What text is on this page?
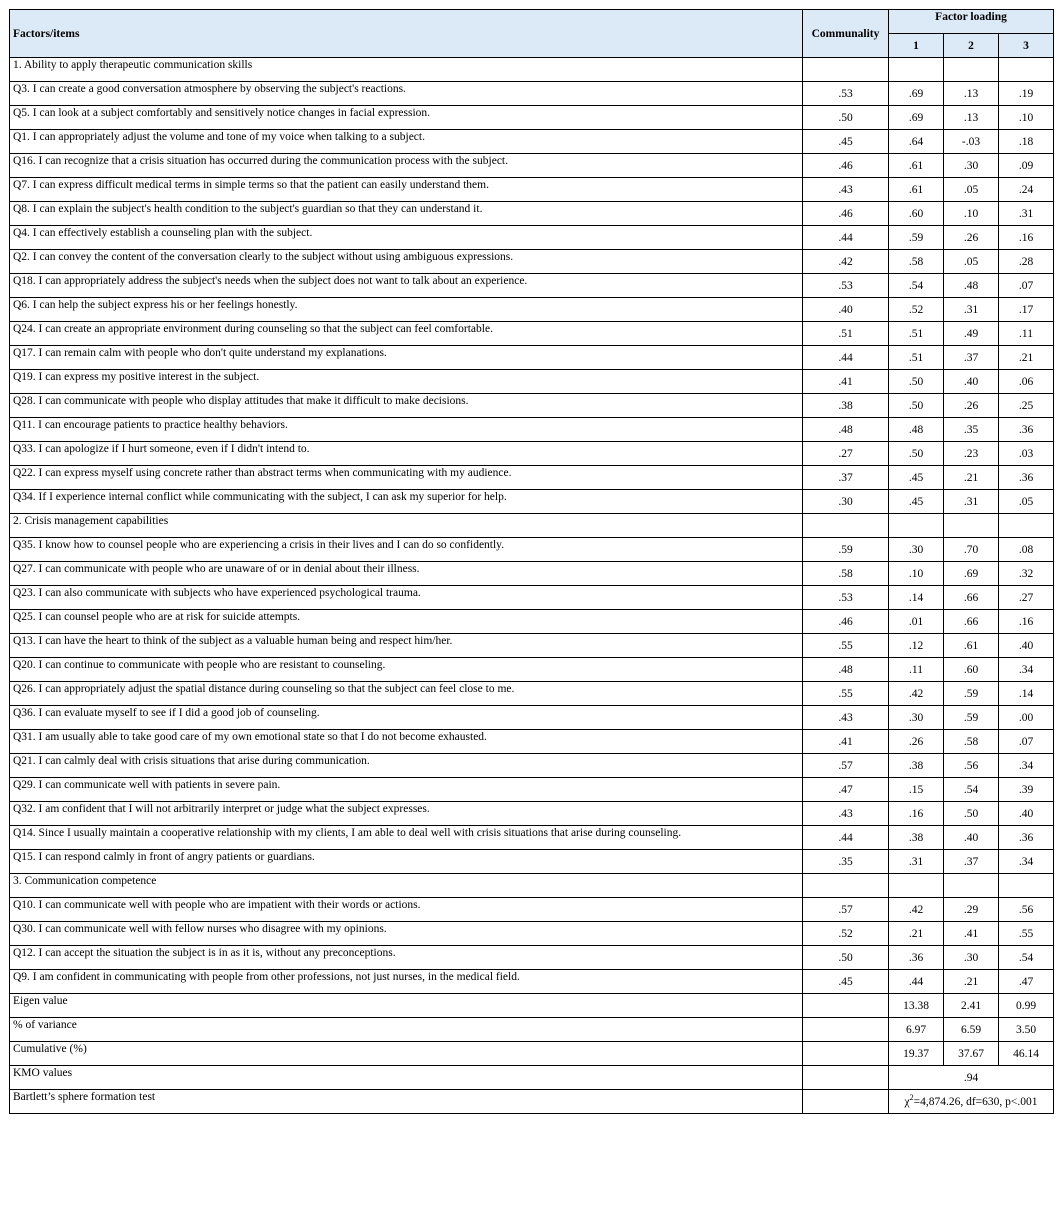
Factors/items	Communality	Factor loading		
		1	2	3
1. Ability to apply therapeutic communication skills				
Q3. I can create a good conversation atmosphere by observing the subject's reactions.	.53	.69	.13	.19
Q5. I can look at a subject comfortably and sensitively notice changes in facial expression.	.50	.69	.13	.10
Q1. I can appropriately adjust the volume and tone of my voice when talking to a subject.	.45	.64	-.03	.18
Q16. I can recognize that a crisis situation has occurred during the communication process with the subject.	.46	.61	.30	.09
Q7. I can express difficult medical terms in simple terms so that the patient can easily understand them.	.43	.61	.05	.24
Q8. I can explain the subject's health condition to the subject's guardian so that they can understand it.	.46	.60	.10	.31
Q4. I can effectively establish a counseling plan with the subject.	.44	.59	.26	.16
Q2. I can convey the content of the conversation clearly to the subject without using ambiguous expressions.	.42	.58	.05	.28
Q18. I can appropriately address the subject's needs when the subject does not want to talk about an experience.	.53	.54	.48	.07
Q6. I can help the subject express his or her feelings honestly.	.40	.52	.31	.17
Q24. I can create an appropriate environment during counseling so that the subject can feel comfortable.	.51	.51	.49	.11
Q17. I can remain calm with people who don't quite understand my explanations.	.44	.51	.37	.21
Q19. I can express my positive interest in the subject.	.41	.50	.40	.06
Q28. I can communicate with people who display attitudes that make it difficult to make decisions.	.38	.50	.26	.25
Q11. I can encourage patients to practice healthy behaviors.	.48	.48	.35	.36
Q33. I can apologize if I hurt someone, even if I didn't intend to.	.27	.50	.23	.03
Q22. I can express myself using concrete rather than abstract terms when communicating with my audience.	.37	.45	.21	.36
Q34. If I experience internal conflict while communicating with the subject, I can ask my superior for help.	.30	.45	.31	.05
2. Crisis management capabilities				
Q35. I know how to counsel people who are experiencing a crisis in their lives and I can do so confidently.	.59	.30	.70	.08
Q27. I can communicate with people who are unaware of or in denial about their illness.	.58	.10	.69	.32
Q23. I can also communicate with subjects who have experienced psychological trauma.	.53	.14	.66	.27
Q25. I can counsel people who are at risk for suicide attempts.	.46	.01	.66	.16
Q13. I can have the heart to think of the subject as a valuable human being and respect him/her.	.55	.12	.61	.40
Q20. I can continue to communicate with people who are resistant to counseling.	.48	.11	.60	.34
Q26. I can appropriately adjust the spatial distance during counseling so that the subject can feel close to me.	.55	.42	.59	.14
Q36. I can evaluate myself to see if I did a good job of counseling.	.43	.30	.59	.00
Q31. I am usually able to take good care of my own emotional state so that I do not become exhausted.	.41	.26	.58	.07
Q21. I can calmly deal with crisis situations that arise during communication.	.57	.38	.56	.34
Q29. I can communicate well with patients in severe pain.	.47	.15	.54	.39
Q32. I am confident that I will not arbitrarily interpret or judge what the subject expresses.	.43	.16	.50	.40
Q14. Since I usually maintain a cooperative relationship with my clients, I am able to deal well with crisis situations that arise during counseling.	.44	.38	.40	.36
Q15. I can respond calmly in front of angry patients or guardians.	.35	.31	.37	.34
3. Communication competence				
Q10. I can communicate well with people who are impatient with their words or actions.	.57	.42	.29	.56
Q30. I can communicate well with fellow nurses who disagree with my opinions.	.52	.21	.41	.55
Q12. I can accept the situation the subject is in as it is, without any preconceptions.	.50	.36	.30	.54
Q9. I am confident in communicating with people from other professions, not just nurses, in the medical field.	.45	.44	.21	.47
Eigen value		13.38	2.41	0.99
% of variance		6.97	6.59	3.50
Cumulative (%)		19.37	37.67	46.14
KMO values		.94		
Bartlett’s sphere formation test		$\chi^2=4,874.26$, df=630, p<.001		
